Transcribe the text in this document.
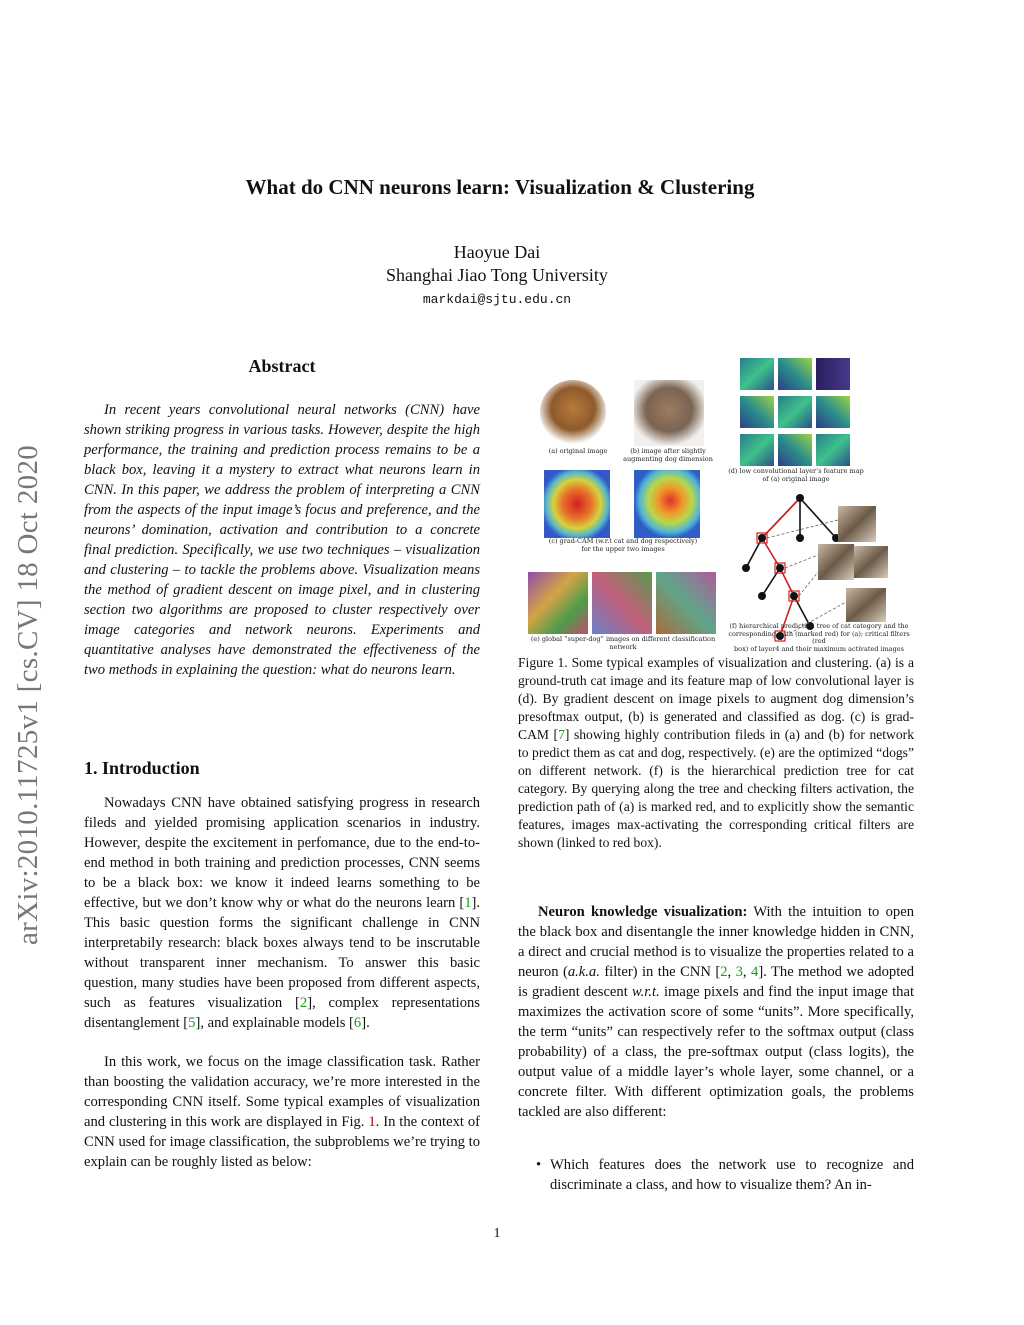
What do CNN neurons learn: Visualization & Clustering
Haoyue Dai
Shanghai Jiao Tong University
markdai@sjtu.edu.cn
arXiv:2010.11725v1 [cs.CV] 18 Oct 2020
Abstract

In recent years convolutional neural networks (CNN) have shown striking progress in various tasks. However, despite the high performance, the training and prediction process remains to be a black box, leaving it a mystery to extract what neurons learn in CNN. In this paper, we address the problem of interpreting a CNN from the aspects of the input image’s focus and preference, and the neurons’ domination, activation and contribution to a concrete final prediction. Specifically, we use two techniques – visualization and clustering – to tackle the problems above. Visualization means the method of gradient descent on image pixel, and in clustering section two algorithms are proposed to cluster respectively over image categories and network neurons. Experiments and quantitative analyses have demonstrated the effectiveness of the two methods in explaining the question: what do neurons learn.

1. Introduction

Nowadays CNN have obtained satisfying progress in research fileds and yielded promising application scenarios in industry. However, despite the excitement in perfomance, due to the end-to-end method in both training and prediction processes, CNN seems to be a black box: we know it indeed learns something to be effective, but we don’t know why or what do the neurons learn [1]. This basic question forms the significant challenge in CNN interpretabily research: black boxes always tend to be inscrutable without transparent inner mechanism. To answer this basic question, many studies have been proposed from different aspects, such as features visualization [2], complex representations disentanglement [5], and explainable models [6].

In this work, we focus on the image classification task. Rather than boosting the validation accuracy, we’re more interested in the corresponding CNN itself. Some typical examples of visualization and clustering in this work are displayed in Fig. 1. In the context of CNN used for image classification, the subproblems we’re trying to explain can be roughly listed as below:

(a) original image	(b) image after slightly
augmenting dog dimension
(c) grad-CAM (w.r.t cat and dog respectively)
for the upper two images
(d) low convolutional layer’s feature map
of (a) original image
(e) global “super-dog” images on different classification network
(f) hierarchical prediction tree of cat category and the
corresponding path (marked red) for (a); critical filters (red
box) of layer4 and their maximum activated images
Figure 1. Some typical examples of visualization and clustering. (a) is a ground-truth cat image and its feature map of low convolutional layer is (d). By gradient descent on image pixels to augment dog dimension’s presoftmax output, (b) is generated and classified as dog. (c) is grad-CAM [7] showing highly contribution fileds in (a) and (b) for network to predict them as cat and dog, respectively. (e) are the optimized “dogs” on different network. (f) is the hierarchical prediction tree for cat category. By querying along the tree and checking filters activation, the prediction path of (a) is marked red, and to explicitly show the semantic features, images max-activating the corresponding critical filters are shown (linked to red box).

Neuron knowledge visualization: With the intuition to open the black box and disentangle the inner knowledge hidden in CNN, a direct and crucial method is to visualize the properties related to a neuron (a.k.a. filter) in the CNN [2, 3, 4]. The method we adopted is gradient descent w.r.t. image pixels and find the input image that maximizes the activation score of some “units”. More specifically, the term “units” can respectively refer to the softmax output (class probability) of a class, the pre-softmax output (class logits), the output value of a middle layer’s whole layer, some channel, or a concrete filter. With different optimization goals, the problems tackled are also different:

• Which features does the network use to recognize and discriminate a class, and how to visualize them? An in-
1
